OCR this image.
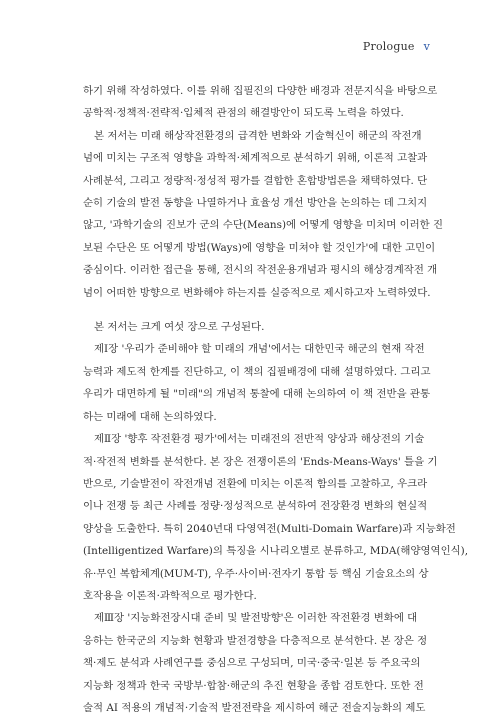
Prologue v
하기 위해 작성하였다. 이를 위해 집필진의 다양한 배경과 전문지식을 바탕으로
공학적·정책적·전략적·입체적 관점의 해결방안이 되도록 노력을 하였다.
본 저서는 미래 해상작전환경의 급격한 변화와 기술혁신이 해군의 작전개
념에 미치는 구조적 영향을 과학적·체계적으로 분석하기 위해, 이론적 고찰과
사례분석, 그리고 정량적·정성적 평가를 결합한 혼합방법론을 채택하였다. 단
순히 기술의 발전 동향을 나열하거나 효율성 개선 방안을 논의하는 데 그치지
않고, '과학기술의 진보가 군의 수단(Means)에 어떻게 영향을 미치며 이러한 진
보된 수단은 또 어떻게 방법(Ways)에 영향을 미쳐야 할 것인가'에 대한 고민이
중심이다. 이러한 접근을 통해, 전시의 작전운용개념과 평시의 해상경계작전 개
념이 어떠한 방향으로 변화해야 하는지를 실증적으로 제시하고자 노력하였다.
본 저서는 크게 여섯 장으로 구성된다.
제Ⅰ장 '우리가 준비해야 할 미래의 개념'에서는 대한민국 해군의 현재 작전
능력과 제도적 한계를 진단하고, 이 책의 집필배경에 대해 설명하였다. 그리고
우리가 대면하게 될 "미래"의 개념적 통찰에 대해 논의하여 이 책 전반을 관통
하는 미래에 대해 논의하였다.
제Ⅱ장 '향후 작전환경 평가'에서는 미래전의 전반적 양상과 해상전의 기술
적·작전적 변화를 분석한다. 본 장은 전쟁이론의 'Ends-Means-Ways' 틀을 기
반으로, 기술발전이 작전개념 전환에 미치는 이론적 함의를 고찰하고, 우크라
이나 전쟁 등 최근 사례를 정량·정성적으로 분석하여 전장환경 변화의 현실적
양상을 도출한다. 특히 2040년대 다영역전(Multi-Domain Warfare)과 지능화전
(Intelligentized Warfare)의 특징을 시나리오별로 분류하고, MDA(해양영역인식),
유·무인 복합체계(MUM-T), 우주·사이버·전자기 통합 등 핵심 기술요소의 상
호작용을 이론적·과학적으로 평가한다.
제Ⅲ장 '지능화전장시대 준비 및 발전방향'은 이러한 작전환경 변화에 대
응하는 한국군의 지능화 현황과 발전경향을 다층적으로 분석한다. 본 장은 정
책·제도 분석과 사례연구를 중심으로 구성되며, 미국·중국·일본 등 주요국의
지능화 정책과 한국 국방부·합참·해군의 추진 현황을 종합 검토한다. 또한 전
술적 AI 적용의 개념적·기술적 발전전략을 제시하여 해군 전술지능화의 제도
